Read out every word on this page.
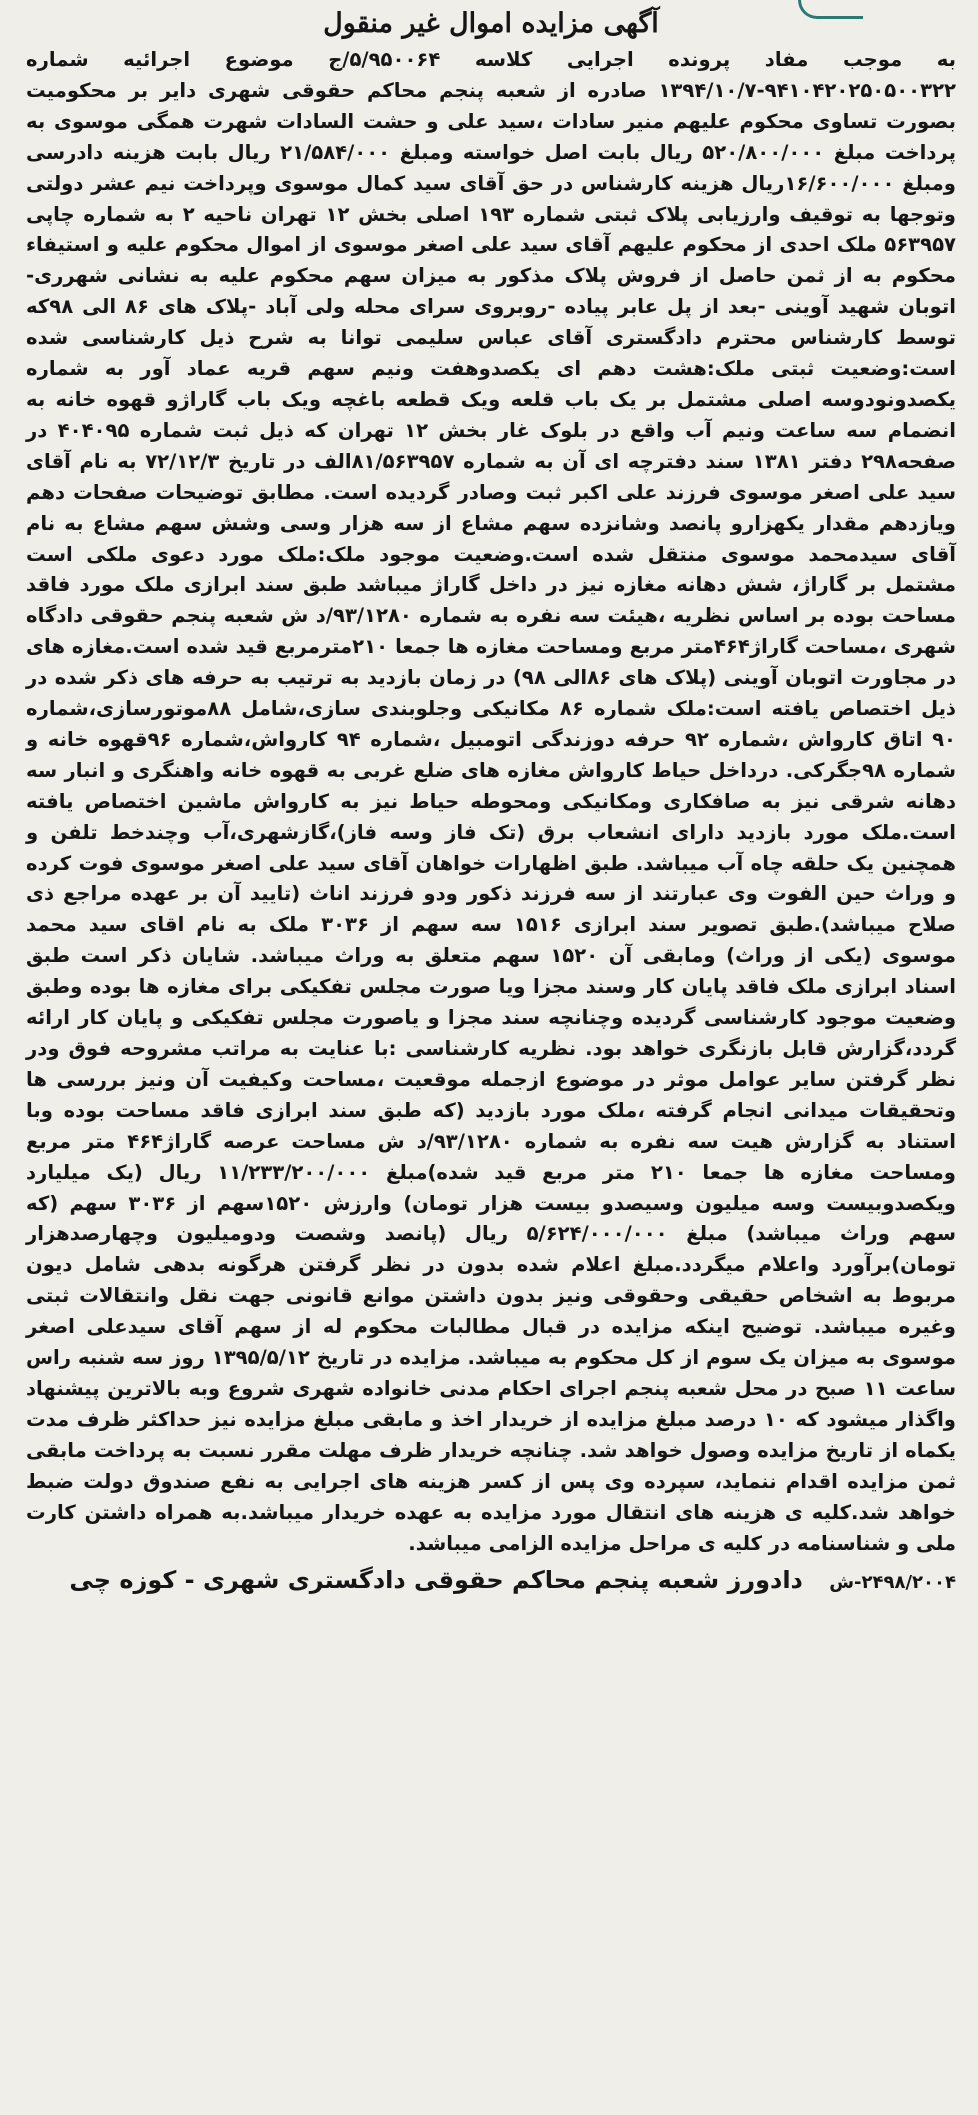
آگهی مزایده اموال غیر منقول

به موجب مفاد پرونده اجرایی کلاسه ۵/۹۵۰۰۶۴/ج موضوع اجرائیه شماره ۹۴۱۰۴۲۰۲۵۰۵۰۰۳۲۲-۱۳۹۴/۱۰/۷ صادره از شعبه پنجم محاکم حقوقی شهری دایر بر محکومیت بصورت تساوی محکوم علیهم منیر سادات ،سید علی و حشت السادات شهرت همگی موسوی به پرداخت مبلغ ۵۲۰/۸۰۰/۰۰۰ ریال بابت اصل خواسته ومبلغ ۲۱/۵۸۴/۰۰۰ ریال بابت هزینه دادرسی ومبلغ ۱۶/۶۰۰/۰۰۰ریال هزینه کارشناس در حق آقای سید کمال موسوی وپرداخت نیم عشر دولتی وتوجها به توقیف وارزیابی پلاک ثبتی شماره ۱۹۳ اصلی بخش ۱۲ تهران ناحیه ۲ به شماره چاپی ۵۶۳۹۵۷ ملک احدی از محکوم علیهم آقای سید علی اصغر موسوی از اموال محکوم علیه و استیفاء محکوم به از ثمن حاصل از فروش پلاک مذکور به میزان سهم محکوم علیه به نشانی شهرری-اتوبان شهید آوینی -بعد از پل عابر پیاده -روبروی سرای محله ولی آباد -پلاک های ۸۶ الی ۹۸که توسط کارشناس محترم دادگستری آقای عباس سلیمی توانا به شرح ذیل کارشناسی شده است:وضعیت ثبتی ملک:هشت دهم ای یکصدوهفت ونیم سهم قریه عماد آور به شماره یکصدونودوسه اصلی مشتمل بر یک باب قلعه ویک قطعه باغچه ویک باب گاراژو قهوه خانه به انضمام سه ساعت ونیم آب واقع در بلوک غار بخش ۱۲ تهران که ذیل ثبت شماره ۴۰۴۰۹۵ در صفحه۲۹۸ دفتر ۱۳۸۱ سند دفترچه ای آن به شماره ۸۱/۵۶۳۹۵۷الف در تاریخ ۷۲/۱۲/۳ به نام آقای سید علی اصغر موسوی فرزند علی اکبر ثبت وصادر گردیده است. مطابق توضیحات صفحات دهم ویازدهم مقدار یکهزارو پانصد وشانزده سهم مشاع از سه هزار وسی وشش سهم مشاع به نام آقای سیدمحمد موسوی منتقل شده است.وضعیت موجود ملک:ملک مورد دعوی ملکی است مشتمل بر گاراژ، شش دهانه مغازه نیز در داخل گاراژ میباشد طبق سند ابرازی ملک مورد فاقد مساحت بوده بر اساس نظریه ،هیئت سه نفره به شماره ۹۳/۱۲۸۰/د ش شعبه پنجم حقوقی دادگاه شهری ،مساحت گاراژ۴۶۴متر مربع ومساحت مغازه ها جمعا ۲۱۰مترمربع قید شده است.مغازه های در مجاورت اتوبان آوینی (پلاک های ۸۶الی ۹۸) در زمان بازدید به ترتیب به حرفه های ذکر شده در ذیل اختصاص یافته است:ملک شماره ۸۶ مکانیکی وجلوبندی سازی،شامل ۸۸موتورسازی،شماره ۹۰ اتاق کارواش ،شماره ۹۲ حرفه دوزندگی اتومبیل ،شماره ۹۴ کارواش،شماره ۹۶قهوه خانه و شماره ۹۸جگرکی. درداخل حیاط کارواش مغازه های ضلع غربی به قهوه خانه واهنگری و انبار سه دهانه شرقی نیز به صافکاری ومکانیکی ومحوطه حیاط نیز به کارواش ماشین اختصاص یافته است.ملک مورد بازدید دارای انشعاب برق (تک فاز وسه فاز)،گازشهری،آب وچندخط تلفن و همچنین یک حلقه چاه آب میباشد. طبق اظهارات خواهان آقای سید علی اصغر موسوی فوت کرده و وراث حین الفوت وی عبارتند از سه فرزند ذکور ودو فرزند اناث (تایید آن بر عهده مراجع ذی صلاح میباشد).طبق تصویر سند ابرازی ۱۵۱۶ سه سهم از ۳۰۳۶ ملک به نام اقای سید محمد موسوی (یکی از وراث) ومابقی آن ۱۵۲۰ سهم متعلق به وراث میباشد. شایان ذکر است طبق اسناد ابرازی ملک فاقد پایان کار وسند مجزا ویا صورت مجلس تفکیکی برای مغازه ها بوده وطبق وضعیت موجود کارشناسی گردیده وچنانچه سند مجزا و یاصورت مجلس تفکیکی و پایان کار ارائه گردد،گزارش قابل بازنگری خواهد بود. نظریه کارشناسی :با عنایت به مراتب مشروحه فوق ودر نظر گرفتن سایر عوامل موثر در موضوع ازجمله موقعیت ،مساحت وکیفیت آن ونیز بررسی ها وتحقیقات میدانی انجام گرفته ،ملک مورد بازدید (که طبق سند ابرازی فاقد مساحت بوده وبا استناد به گزارش هیت سه نفره به شماره ۹۳/۱۲۸۰/د ش مساحت عرصه گاراژ۴۶۴ متر مربع ومساحت مغازه ها جمعا ۲۱۰ متر مربع قید شده)مبلغ ۱۱/۲۳۳/۲۰۰/۰۰۰ ریال (یک میلیارد ویکصدوبیست وسه میلیون وسیصدو بیست هزار تومان) وارزش ۱۵۲۰سهم از ۳۰۳۶ سهم (که سهم وراث میباشد) مبلغ ۵/۶۲۴/۰۰۰/۰۰۰ ریال (پانصد وشصت ودومیلیون وچهارصدهزار تومان)برآورد واعلام میگردد.مبلغ اعلام شده بدون در نظر گرفتن هرگونه بدهی شامل دیون مربوط به اشخاص حقیقی وحقوقی ونیز بدون داشتن موانع قانونی جهت نقل وانتقالات ثبتی وغیره میباشد. توضیح اینکه مزایده در قبال مطالبات محکوم له از سهم آقای سیدعلی اصغر موسوی به میزان یک سوم از کل محکوم به میباشد. مزایده در تاریخ ۱۳۹۵/۵/۱۲ روز سه شنبه راس ساعت ۱۱ صبح در محل شعبه پنجم اجرای احکام مدنی خانواده شهری شروع وبه بالاترین پیشنهاد واگذار میشود که ۱۰ درصد مبلغ مزایده از خریدار اخذ و مابقی مبلغ مزایده نیز حداکثر ظرف مدت یکماه از تاریخ مزایده وصول خواهد شد. چنانچه خریدار ظرف مهلت مقرر نسبت به پرداخت مابقی ثمن مزایده اقدام ننماید، سپرده وی پس از کسر هزینه های اجرایی به نفع صندوق دولت ضبط خواهد شد.کلیه ی هزینه های انتقال مورد مزایده به عهده خریدار میباشد.به همراه داشتن کارت ملی و شناسنامه در کلیه ی مراحل مزایده الزامی میباشد.

۲۴۹۸/۲۰۰۴-ش دادورز شعبه پنجم محاکم حقوقی دادگستری شهری - کوزه چی
